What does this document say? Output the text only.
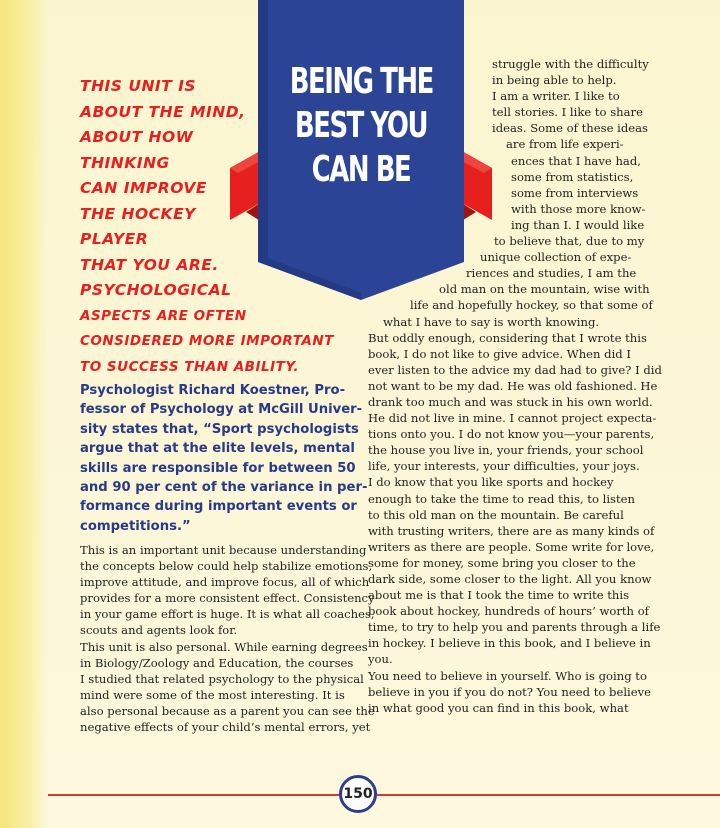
BEING THE
BEST YOU
CAN BE
THIS UNIT IS
ABOUT THE MIND,
ABOUT HOW
THINKING
CAN IMPROVE
THE HOCKEY
PLAYER
THAT YOU ARE.
PSYCHOLOGICAL
ASPECTS ARE OFTEN
CONSIDERED MORE IMPORTANT
TO SUCCESS THAN ABILITY.
Psychologist Richard Koestner, Pro-
fessor of Psychology at McGill Univer-
sity states that, “Sport psychologists
argue that at the elite levels, mental
skills are responsible for between 50
and 90 per cent of the variance in per-
formance during important events or
competitions.”
This is an important unit because understanding
the concepts below could help stabilize emotions,
improve attitude, and improve focus, all of which
provides for a more consistent effect. Consistency
in your game effort is huge. It is what all coaches,
scouts and agents look for.
This unit is also personal. While earning degrees
in Biology/Zoology and Education, the courses
I studied that related psychology to the physical
mind were some of the most interesting. It is
also personal because as a parent you can see the
negative effects of your child’s mental errors, yet
struggle with the difficulty
in being able to help.
I am a writer. I like to
tell stories. I like to share
ideas. Some of these ideas
are from life experi-
ences that I have had,
some from statistics,
some from interviews
with those more know-
ing than I. I would like
to believe that, due to my
unique collection of expe-
riences and studies, I am the
old man on the mountain, wise with
life and hopefully hockey, so that some of
what I have to say is worth knowing.
But oddly enough, considering that I wrote this
book, I do not like to give advice. When did I
ever listen to the advice my dad had to give? I did
not want to be my dad. He was old fashioned. He
drank too much and was stuck in his own world.
He did not live in mine. I cannot project expecta-
tions onto you. I do not know you—your parents,
the house you live in, your friends, your school
life, your interests, your difficulties, your joys.
I do know that you like sports and hockey
enough to take the time to read this, to listen
to this old man on the mountain. Be careful
with trusting writers, there are as many kinds of
writers as there are people. Some write for love,
some for money, some bring you closer to the
dark side, some closer to the light. All you know
about me is that I took the time to write this
book about hockey, hundreds of hours’ worth of
time, to try to help you and parents through a life
in hockey. I believe in this book, and I believe in
you.
You need to believe in yourself. Who is going to
believe in you if you do not? You need to believe
in what good you can find in this book, what
150
